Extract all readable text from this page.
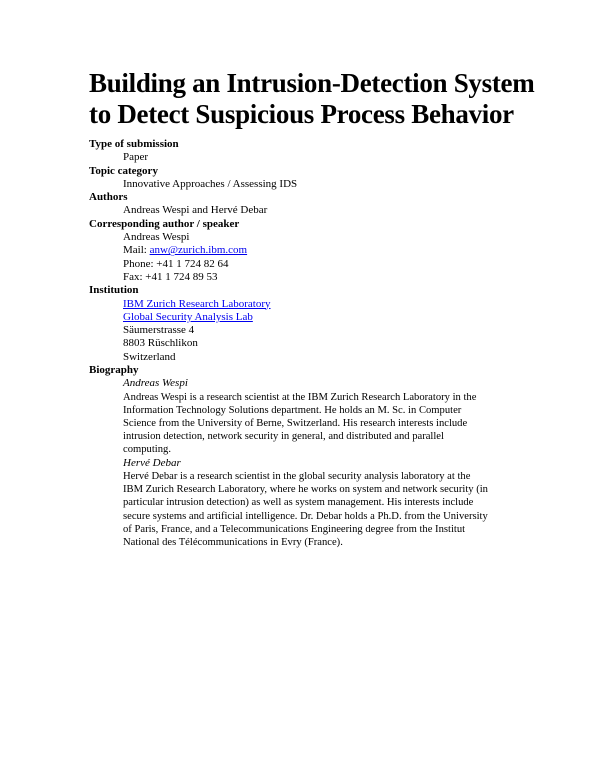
Building an Intrusion-Detection System
to Detect Suspicious Process Behavior
Type of submission
Paper
Topic category
Innovative Approaches / Assessing IDS
Authors
Andreas Wespi and Hervé Debar
Corresponding author / speaker
Andreas Wespi
Mail: anw@zurich.ibm.com
Phone: +41 1 724 82 64
Fax: +41 1 724 89 53
Institution
IBM Zurich Research Laboratory
Global Security Analysis Lab
Säumerstrasse 4
8803 Rüschlikon
Switzerland
Biography
Andreas Wespi
Andreas Wespi is a research scientist at the IBM Zurich Research Laboratory in the Information Technology Solutions department. He holds an M. Sc. in Computer Science from the University of Berne, Switzerland. His research interests include intrusion detection, network security in general, and distributed and parallel computing.
Hervé Debar
Hervé Debar is a research scientist in the global security analysis laboratory at the IBM Zurich Research Laboratory, where he works on system and network security (in particular intrusion detection) as well as system management. His interests include secure systems and artificial intelligence. Dr. Debar holds a Ph.D. from the University of Paris, France, and a Telecommunications Engineering degree from the Institut National des Télécommunications in Evry (France).
